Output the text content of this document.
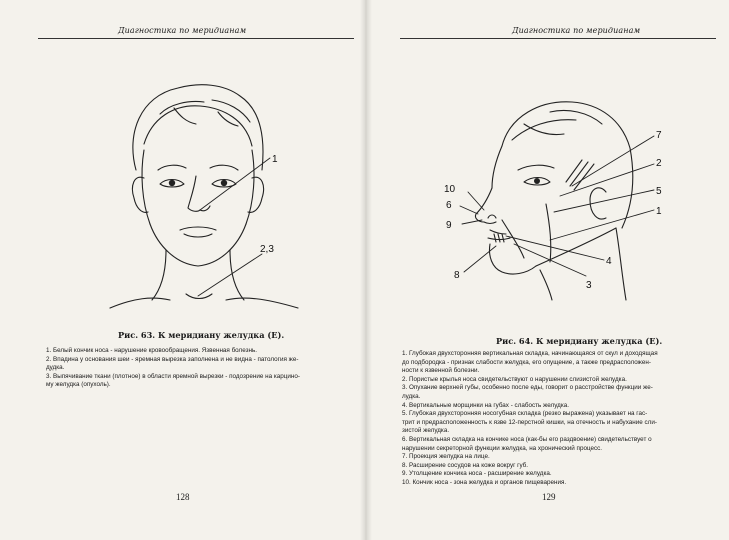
Диагностика по меридианам
1
2,3
Рис. 63. К меридиану желудка (E).
1. Белый кончик носа - нарушение кровообращения. Язвенная болезнь.
2. Впадина у основания шеи - яремная вырезка заполнена и не видна - патология же-
дудка.
3. Выпячивание ткани (плотное) в области яремной вырезки - подозрение на карцино-
му желудка (опухоль).
128
Диагностика по меридианам
7
2
10	5
6
1
9
4
8
3
Рис. 64. К меридиану желудка (E).
1. Глубокая двухсторонняя вертикальная складка, начинающаяся от скул и доходящая
до подбородка - признак слабости желудка, его опущение, а также предрасположен-
ности к язвенной болезни.
2. Пористые крылья носа свидетельствуют о нарушении слизистой желудка.
3. Опухание верхней губы, особенно после еды, говорит о расстройстве функции же-
лудка.
4. Вертикальные морщинки на губах - слабость желудка.
5. Глубокая двухсторонняя носогубная складка (резко выражена) указывает на гас-
трит и предрасположенность к язве 12-перстной кишки, на отечность и набухание сли-
зистой желудка.
6. Вертикальная складка на кончике носа (как-бы его раздвоение) свидетельствует о
нарушении секреторной функции желудка, на хронический процесс.
7. Проекция желудка на лице.
8. Расширение сосудов на коже вокруг губ.
9. Утолщение кончика носа - расширение желудка.
10. Кончик носа - зона желудка и органов пищеварения.
129
